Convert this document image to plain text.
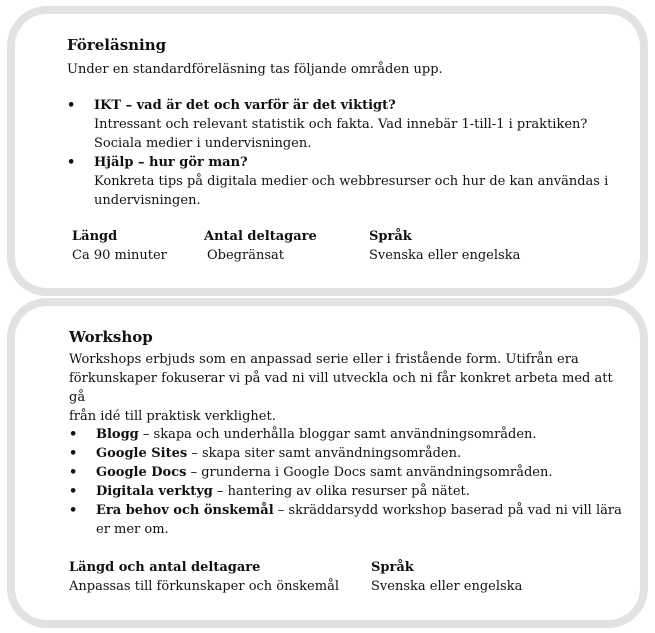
Föreläsning
Under en standardföreläsning tas följande områden upp.
• IKT – vad är det och varför är det viktigt?
Intressant och relevant statistik och fakta. Vad innebär 1-till-1 i praktiken?
Sociala medier i undervisningen.
• Hjälp – hur gör man?
Konkreta tips på digitala medier och webbresurser och hur de kan användas i
undervisningen.
Längd
Ca 90 minuter
Antal deltagare
Obegränsat
Språk
Svenska eller engelska
Workshop
Workshops erbjuds som en anpassad serie eller i fristående form. Utifrån era
förkunskaper fokuserar vi på vad ni vill utveckla och ni får konkret arbeta med att gå
från idé till praktisk verklighet.
• Blogg – skapa och underhålla bloggar samt användningsområden.
• Google Sites – skapa siter samt användningsområden.
• Google Docs – grunderna i Google Docs samt användningsområden.
• Digitala verktyg – hantering av olika resurser på nätet.
• Era behov och önskemål – skräddarsydd workshop baserad på vad ni vill lära
er mer om.
Längd och antal deltagare
Anpassas till förkunskaper och önskemål
Språk
Svenska eller engelska
